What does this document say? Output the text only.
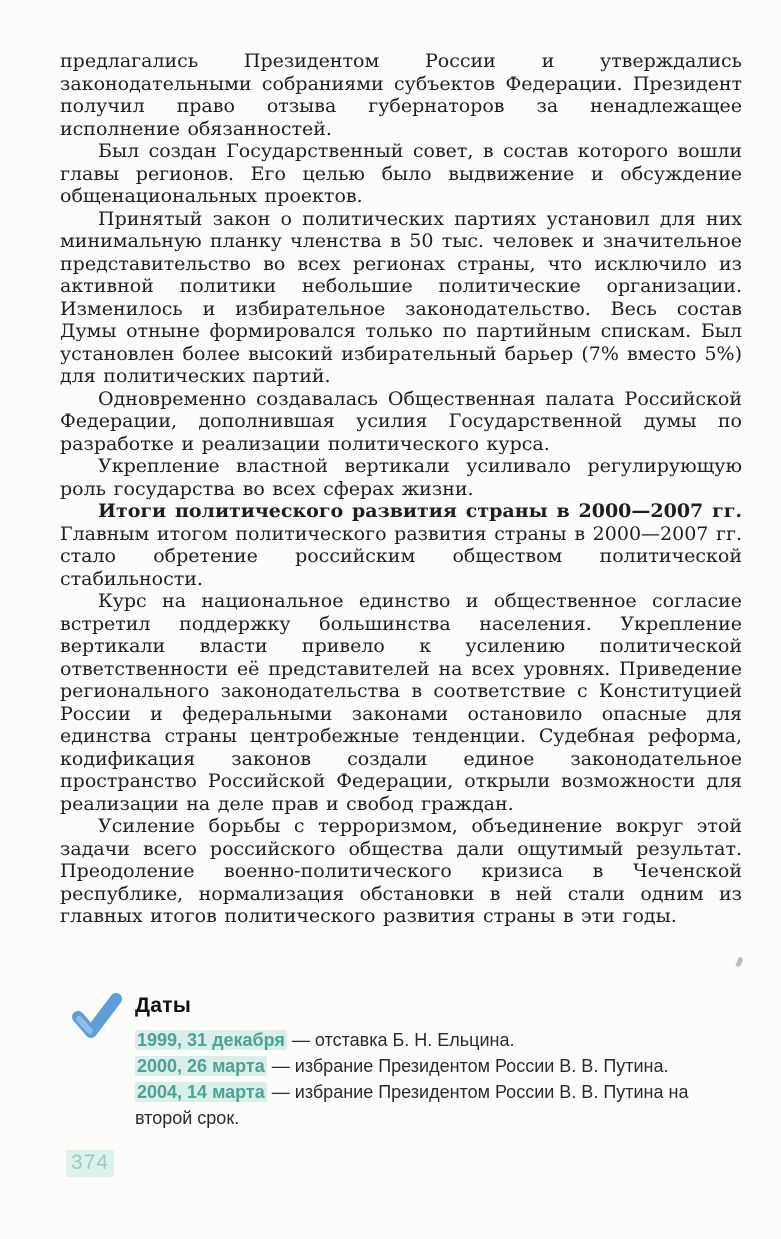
предлагались Президентом России и утверждались законодательными собраниями субъектов Федерации. Президент получил право отзыва губернаторов за ненадлежащее исполнение обязанностей.

Был создан Государственный совет, в состав которого вошли главы регионов. Его целью было выдвижение и обсуждение общенациональных проектов.

Принятый закон о политических партиях установил для них минимальную планку членства в 50 тыс. человек и значительное представительство во всех регионах страны, что исключило из активной политики небольшие политические организации. Изменилось и избирательное законодательство. Весь состав Думы отныне формировался только по партийным спискам. Был установлен более высокий избирательный барьер (7% вместо 5%) для политических партий.

Одновременно создавалась Общественная палата Российской Федерации, дополнившая усилия Государственной думы по разработке и реализации политического курса.

Укрепление властной вертикали усиливало регулирующую роль государства во всех сферах жизни.

Итоги политического развития страны в 2000—2007 гг. Главным итогом политического развития страны в 2000—2007 гг. стало обретение российским обществом политической стабильности.

Курс на национальное единство и общественное согласие встретил поддержку большинства населения. Укрепление вертикали власти привело к усилению политической ответственности её представителей на всех уровнях. Приведение регионального законодательства в соответствие с Конституцией России и федеральными законами остановило опасные для единства страны центробежные тенденции. Судебная реформа, кодификация законов создали единое законодательное пространство Российской Федерации, открыли возможности для реализации на деле прав и свобод граждан.

Усиление борьбы с терроризмом, объединение вокруг этой задачи всего российского общества дали ощутимый результат. Преодоление военно-политического кризиса в Чеченской республике, нормализация обстановки в ней стали одним из главных итогов политического развития страны в эти годы.

Даты
1999, 31 декабря — отставка Б. Н. Ельцина.
2000, 26 марта — избрание Президентом России В. В. Путина.
2004, 14 марта — избрание Президентом России В. В. Путина на второй срок.
374
